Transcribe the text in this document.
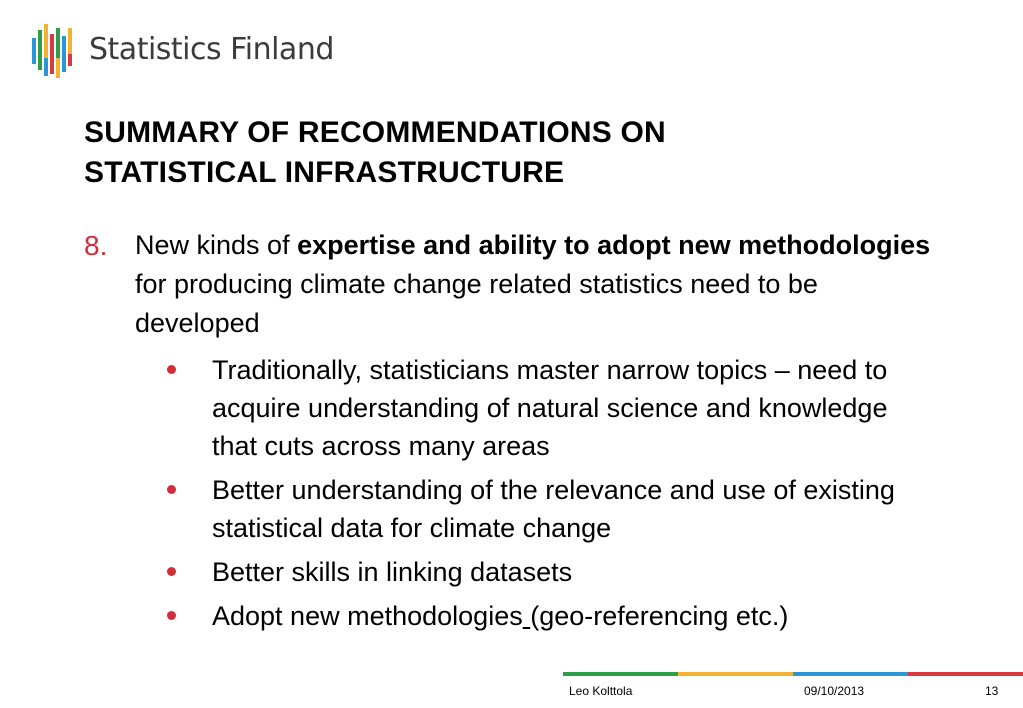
Statistics Finland
SUMMARY OF RECOMMENDATIONS ON
STATISTICAL INFRASTRUCTURE
8. New kinds of expertise and ability to adopt new methodologies for producing climate change related statistics need to be developed
Traditionally, statisticians master narrow topics – need to acquire understanding of natural science and knowledge that cuts across many areas
Better understanding of the relevance and use of existing statistical data for climate change
Better skills in linking datasets
Adopt new methodologies (geo-referencing etc.)
Leo Kolttola	09/10/2013	13
